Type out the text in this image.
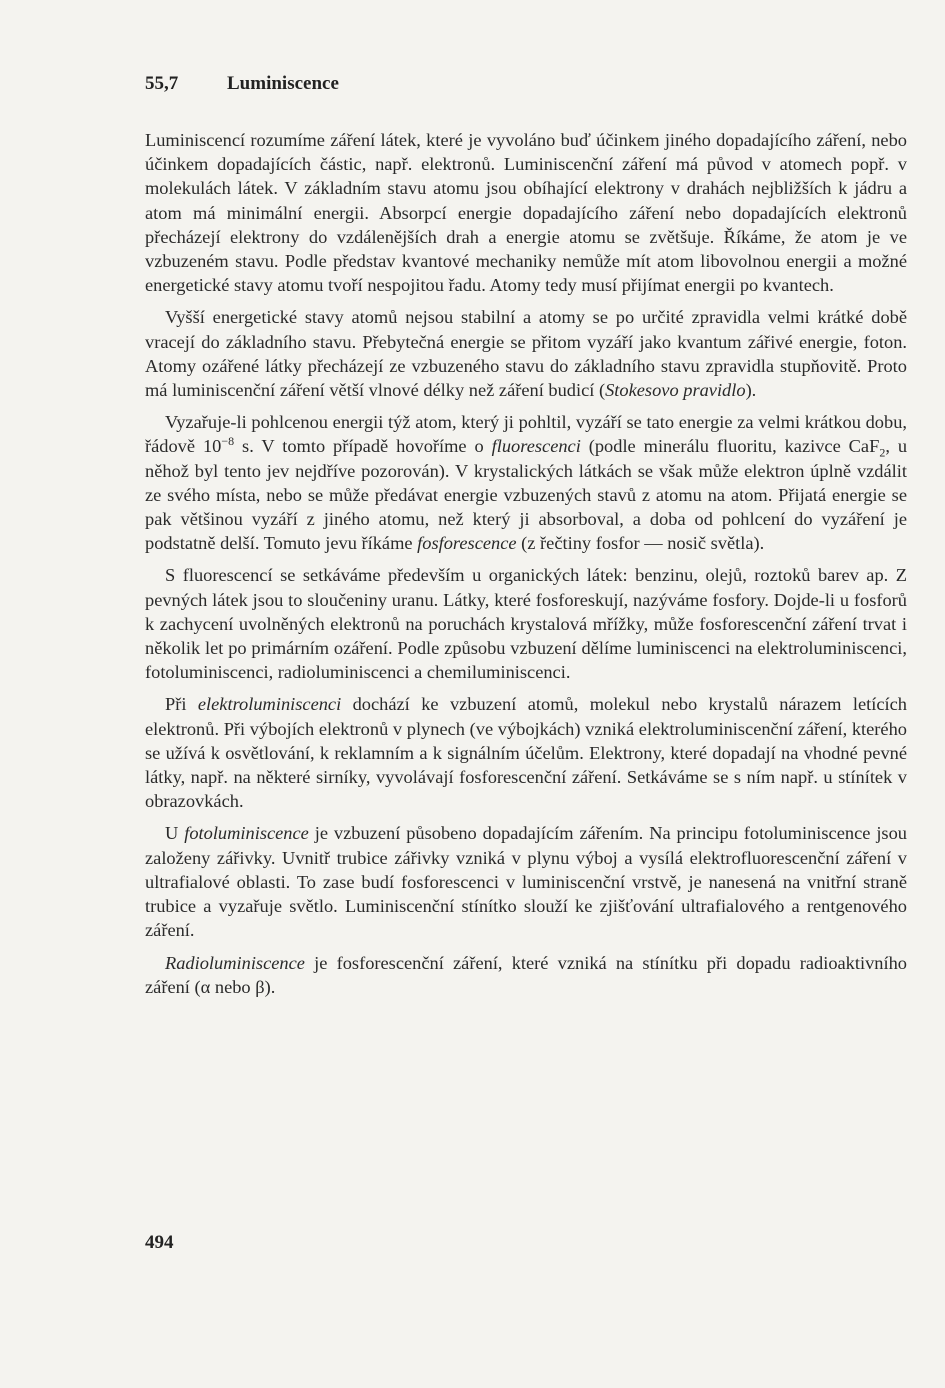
55,7	Luminiscence

Luminiscencí rozumíme záření látek, které je vyvoláno buď účinkem jiného dopadajícího záření, nebo účinkem dopadajících částic, např. elektronů. Luminiscenční záření má původ v atomech popř. v molekulách látek. V základním stavu atomu jsou obíhající elektrony v drahách nejbližších k jádru a atom má minimální energii. Absorpcí energie dopadajícího záření nebo dopadajících elektronů přecházejí elektrony do vzdálenějších drah a energie atomu se zvětšuje. Říkáme, že atom je ve vzbuzeném stavu. Podle představ kvantové mechaniky nemůže mít atom libovolnou energii a možné energetické stavy atomu tvoří nespojitou řadu. Atomy tedy musí přijímat energii po kvantech.

Vyšší energetické stavy atomů nejsou stabilní a atomy se po určité zpravidla velmi krátké době vracejí do základního stavu. Přebytečná energie se přitom vyzáří jako kvantum zářivé energie, foton. Atomy ozářené látky přecházejí ze vzbuzeného stavu do základního stavu zpravidla stupňovitě. Proto má luminiscenční záření větší vlnové délky než záření budicí (Stokesovo pravidlo).

Vyzařuje-li pohlcenou energii týž atom, který ji pohltil, vyzáří se tato energie za velmi krátkou dobu, řádově $10^{-8}$ s. V tomto případě hovoříme o fluorescenci (podle minerálu fluoritu, kazivce CaF$_2$, u něhož byl tento jev nejdříve pozorován). V krystalických látkách se však může elektron úplně vzdálit ze svého místa, nebo se může předávat energie vzbuzených stavů z atomu na atom. Přijatá energie se pak většinou vyzáří z jiného atomu, než který ji absorboval, a doba od pohlcení do vyzáření je podstatně delší. Tomuto jevu říkáme fosforescence (z řečtiny fosfor — nosič světla).

S fluorescencí se setkáváme především u organických látek: benzinu, olejů, roztoků barev ap. Z pevných látek jsou to sloučeniny uranu. Látky, které fosforeskují, nazýváme fosfory. Dojde-li u fosforů k zachycení uvolněných elektronů na poruchách krystalová mřížky, může fosforescenční záření trvat i několik let po primárním ozáření. Podle způsobu vzbuzení dělíme luminiscenci na elektroluminiscenci, fotoluminiscenci, radioluminiscenci a chemiluminiscenci.

Při elektroluminiscenci dochází ke vzbuzení atomů, molekul nebo krystalů nárazem letících elektronů. Při výbojích elektronů v plynech (ve výbojkách) vzniká elektroluminiscenční záření, kterého se užívá k osvětlování, k reklamním a k signálním účelům. Elektrony, které dopadají na vhodné pevné látky, např. na některé sirníky, vyvolávají fosforescenční záření. Setkáváme se s ním např. u stínítek v obrazovkách.

U fotoluminiscence je vzbuzení působeno dopadajícím zářením. Na principu fotoluminiscence jsou založeny zářivky. Uvnitř trubice zářivky vzniká v plynu výboj a vysílá elektrofluorescenční záření v ultrafialové oblasti. To zase budí fosforescenci v luminiscenční vrstvě, je nanesená na vnitřní straně trubice a vyzařuje světlo. Luminiscenční stínítko slouží ke zjišťování ultrafialového a rentgenového záření.

Radioluminiscence je fosforescenční záření, které vzniká na stínítku při dopadu radioaktivního záření (α nebo β).

494
